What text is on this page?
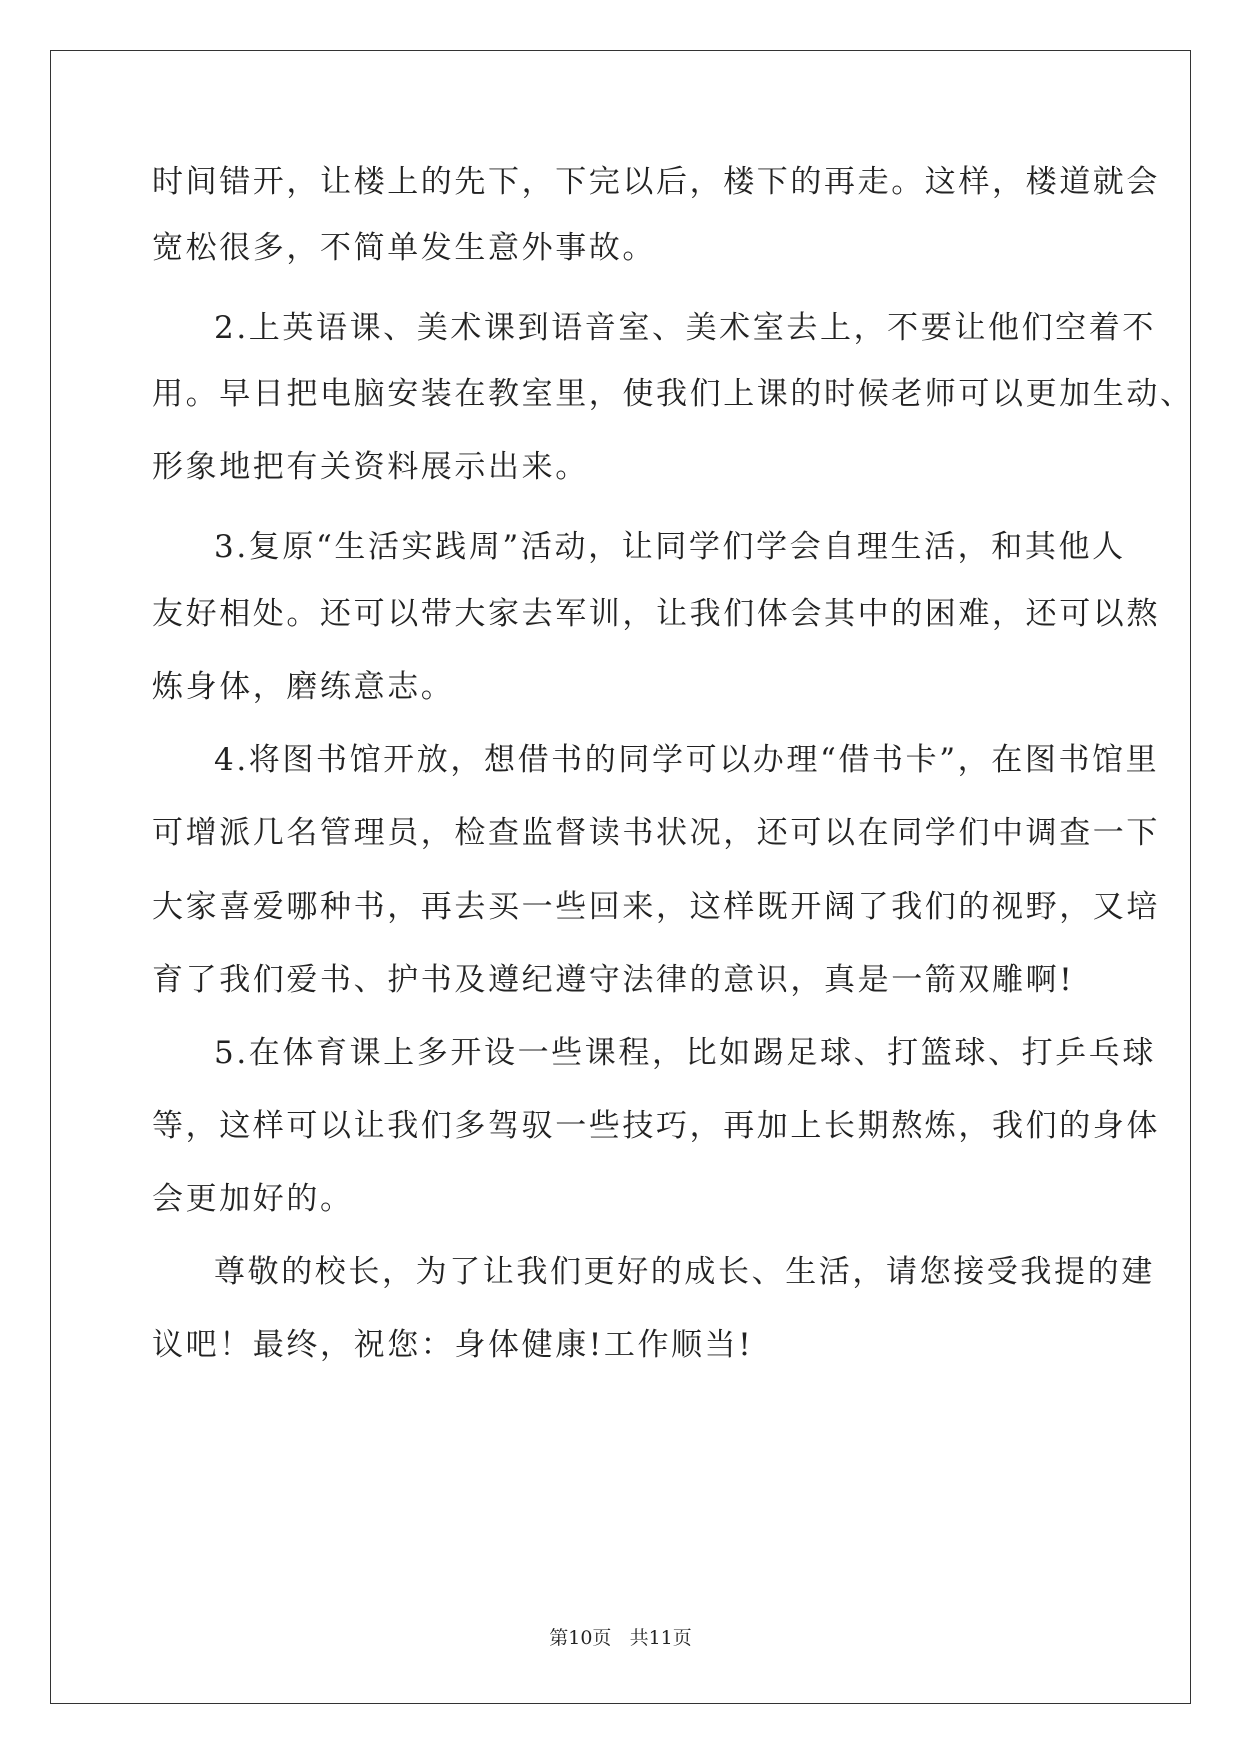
时间错开，让楼上的先下，下完以后，楼下的再走。这样，楼道就会
宽松很多，不简单发生意外事故。
2.上英语课、美术课到语音室、美术室去上，不要让他们空着不
用。早日把电脑安装在教室里，使我们上课的时候老师可以更加生动、
形象地把有关资料展示出来。
3.复原“生活实践周”活动，让同学们学会自理生活，和其他人
友好相处。还可以带大家去军训，让我们体会其中的困难，还可以熬
炼身体，磨练意志。
4.将图书馆开放，想借书的同学可以办理“借书卡”，在图书馆里
可增派几名管理员，检查监督读书状况，还可以在同学们中调查一下
大家喜爱哪种书，再去买一些回来，这样既开阔了我们的视野，又培
育了我们爱书、护书及遵纪遵守法律的意识，真是一箭双雕啊!
5.在体育课上多开设一些课程，比如踢足球、打篮球、打乒乓球
等，这样可以让我们多驾驭一些技巧，再加上长期熬炼，我们的身体
会更加好的。
尊敬的校长，为了让我们更好的成长、生活，请您接受我提的建
议吧！最终，祝您：身体健康!工作顺当!
第10页 共11页
